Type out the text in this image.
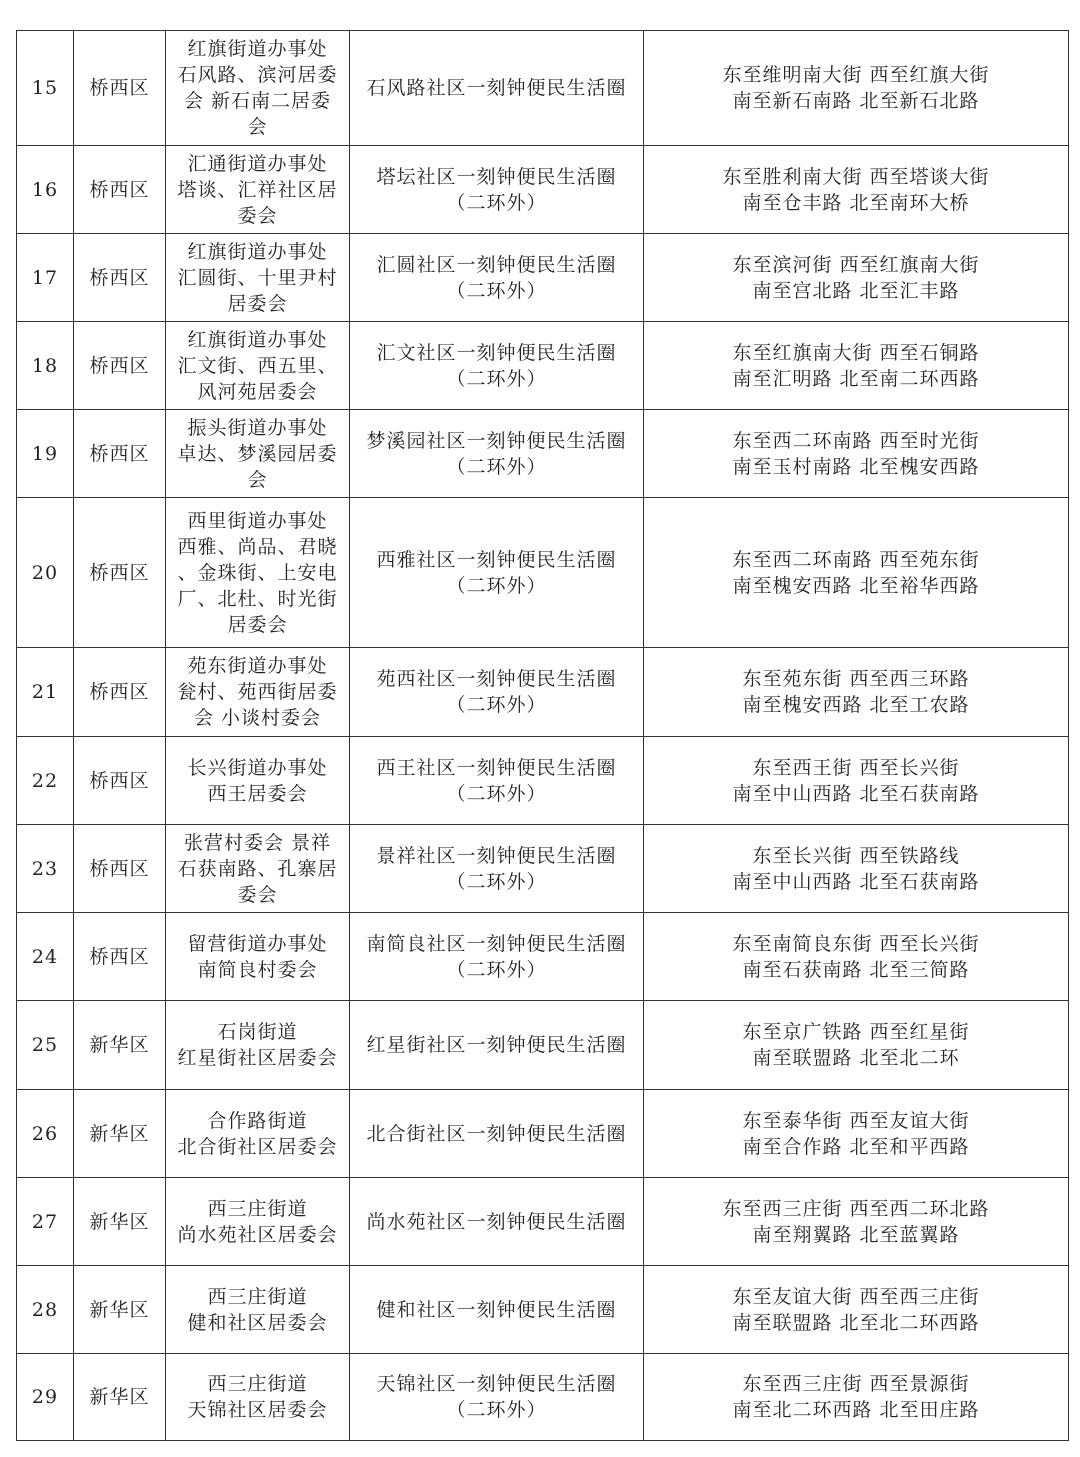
15	桥西区	红旗街道办事处
石风路、滨河居委
会 新石南二居委
会	石风路社区一刻钟便民生活圈	东至维明南大街 西至红旗大街
南至新石南路 北至新石北路

16	桥西区	汇通街道办事处
塔谈、汇祥社区居
委会	塔坛社区一刻钟便民生活圈
（二环外）	东至胜利南大街 西至塔谈大街
南至仓丰路 北至南环大桥

17	桥西区	红旗街道办事处
汇圆街、十里尹村
居委会	汇圆社区一刻钟便民生活圈
（二环外）	东至滨河街 西至红旗南大街
南至宫北路 北至汇丰路

18	桥西区	红旗街道办事处
汇文街、西五里、
风河苑居委会	汇文社区一刻钟便民生活圈
（二环外）	东至红旗南大街 西至石铜路
南至汇明路 北至南二环西路

19	桥西区	振头街道办事处
卓达、梦溪园居委
会	梦溪园社区一刻钟便民生活圈
（二环外）	东至西二环南路 西至时光街
南至玉村南路 北至槐安西路

20	桥西区	西里街道办事处
西雅、尚品、君晓
、金珠街、上安电
厂、北杜、时光街
居委会	西雅社区一刻钟便民生活圈
（二环外）	东至西二环南路 西至苑东街
南至槐安西路 北至裕华西路

21	桥西区	苑东街道办事处
瓮村、苑西街居委
会 小谈村委会	苑西社区一刻钟便民生活圈
（二环外）	东至苑东街 西至西三环路
南至槐安西路 北至工农路

22	桥西区	长兴街道办事处
西王居委会	西王社区一刻钟便民生活圈
（二环外）	东至西王街 西至长兴街
南至中山西路 北至石获南路

23	桥西区	张营村委会 景祥
石获南路、孔寨居
委会	景祥社区一刻钟便民生活圈
（二环外）	东至长兴街 西至铁路线
南至中山西路 北至石获南路

24	桥西区	留营街道办事处
南简良村委会	南简良社区一刻钟便民生活圈
（二环外）	东至南简良东街 西至长兴街
南至石获南路 北至三简路

25	新华区	石岗街道
红星街社区居委会	红星街社区一刻钟便民生活圈	东至京广铁路 西至红星街
南至联盟路 北至北二环

26	新华区	合作路街道
北合街社区居委会	北合街社区一刻钟便民生活圈	东至泰华街 西至友谊大街
南至合作路 北至和平西路

27	新华区	西三庄街道
尚水苑社区居委会	尚水苑社区一刻钟便民生活圈	东至西三庄街 西至西二环北路
南至翔翼路 北至蓝翼路

28	新华区	西三庄街道
健和社区居委会	健和社区一刻钟便民生活圈	东至友谊大街 西至西三庄街
南至联盟路 北至北二环西路

29	新华区	西三庄街道
天锦社区居委会	天锦社区一刻钟便民生活圈
（二环外）	东至西三庄街 西至景源街
南至北二环西路 北至田庄路
